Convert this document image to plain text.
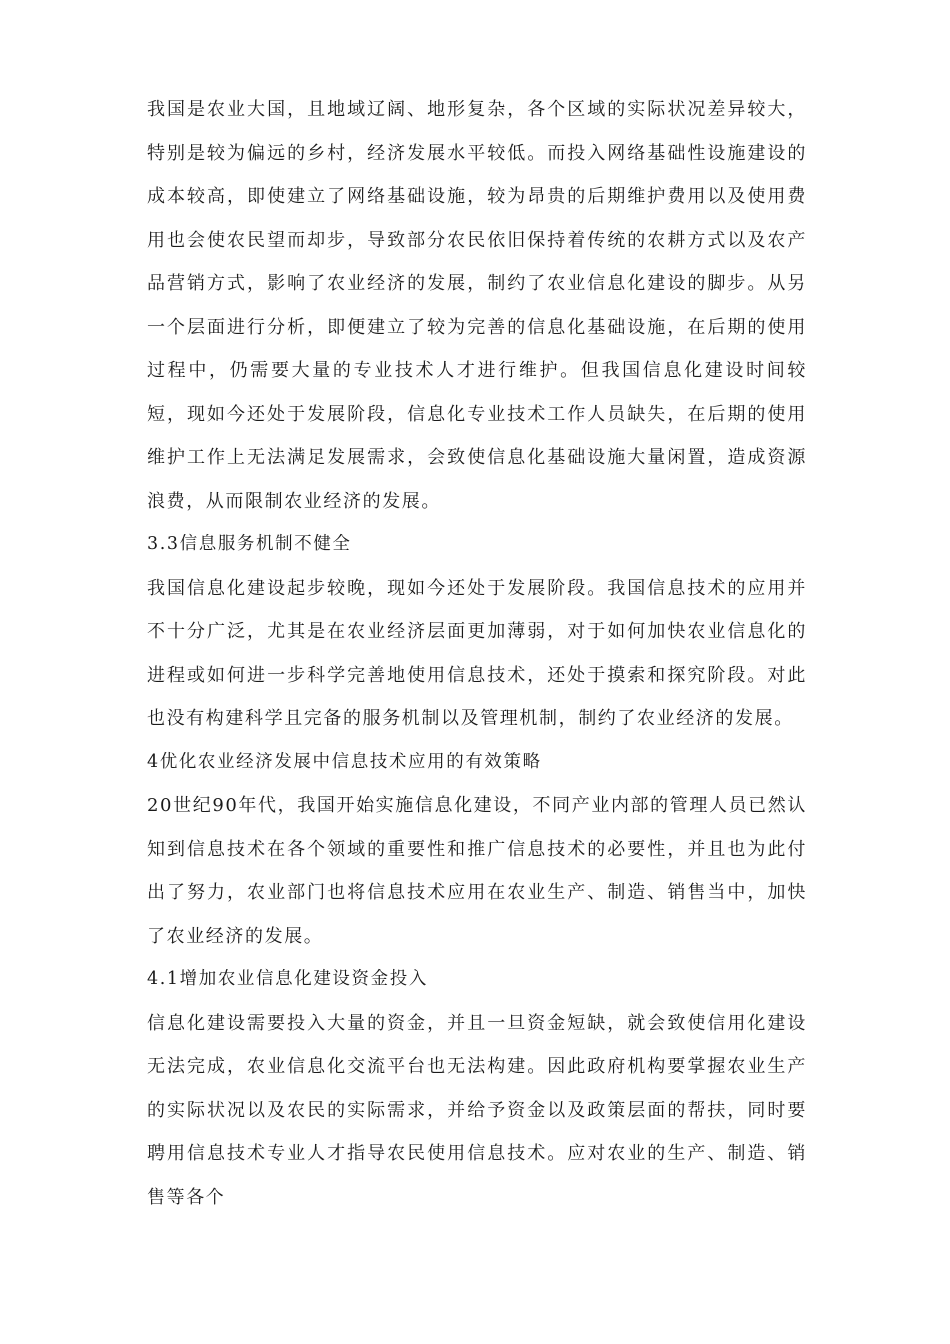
我国是农业大国，且地域辽阔、地形复杂，各个区域的实际状况差异较大，特别是较为偏远的乡村，经济发展水平较低。而投入网络基础性设施建设的成本较高，即使建立了网络基础设施，较为昂贵的后期维护费用以及使用费用也会使农民望而却步，导致部分农民依旧保持着传统的农耕方式以及农产品营销方式，影响了农业经济的发展，制约了农业信息化建设的脚步。从另一个层面进行分析，即便建立了较为完善的信息化基础设施，在后期的使用过程中，仍需要大量的专业技术人才进行维护。但我国信息化建设时间较短，现如今还处于发展阶段，信息化专业技术工作人员缺失，在后期的使用维护工作上无法满足发展需求，会致使信息化基础设施大量闲置，造成资源浪费，从而限制农业经济的发展。

3.3信息服务机制不健全

我国信息化建设起步较晚，现如今还处于发展阶段。我国信息技术的应用并不十分广泛，尤其是在农业经济层面更加薄弱，对于如何加快农业信息化的进程或如何进一步科学完善地使用信息技术，还处于摸索和探究阶段。对此也没有构建科学且完备的服务机制以及管理机制，制约了农业经济的发展。

4优化农业经济发展中信息技术应用的有效策略

20世纪90年代，我国开始实施信息化建设，不同产业内部的管理人员已然认知到信息技术在各个领域的重要性和推广信息技术的必要性，并且也为此付出了努力，农业部门也将信息技术应用在农业生产、制造、销售当中，加快了农业经济的发展。

4.1增加农业信息化建设资金投入

信息化建设需要投入大量的资金，并且一旦资金短缺，就会致使信用化建设无法完成，农业信息化交流平台也无法构建。因此政府机构要掌握农业生产的实际状况以及农民的实际需求，并给予资金以及政策层面的帮扶，同时要聘用信息技术专业人才指导农民使用信息技术。应对农业的生产、制造、销售等各个
